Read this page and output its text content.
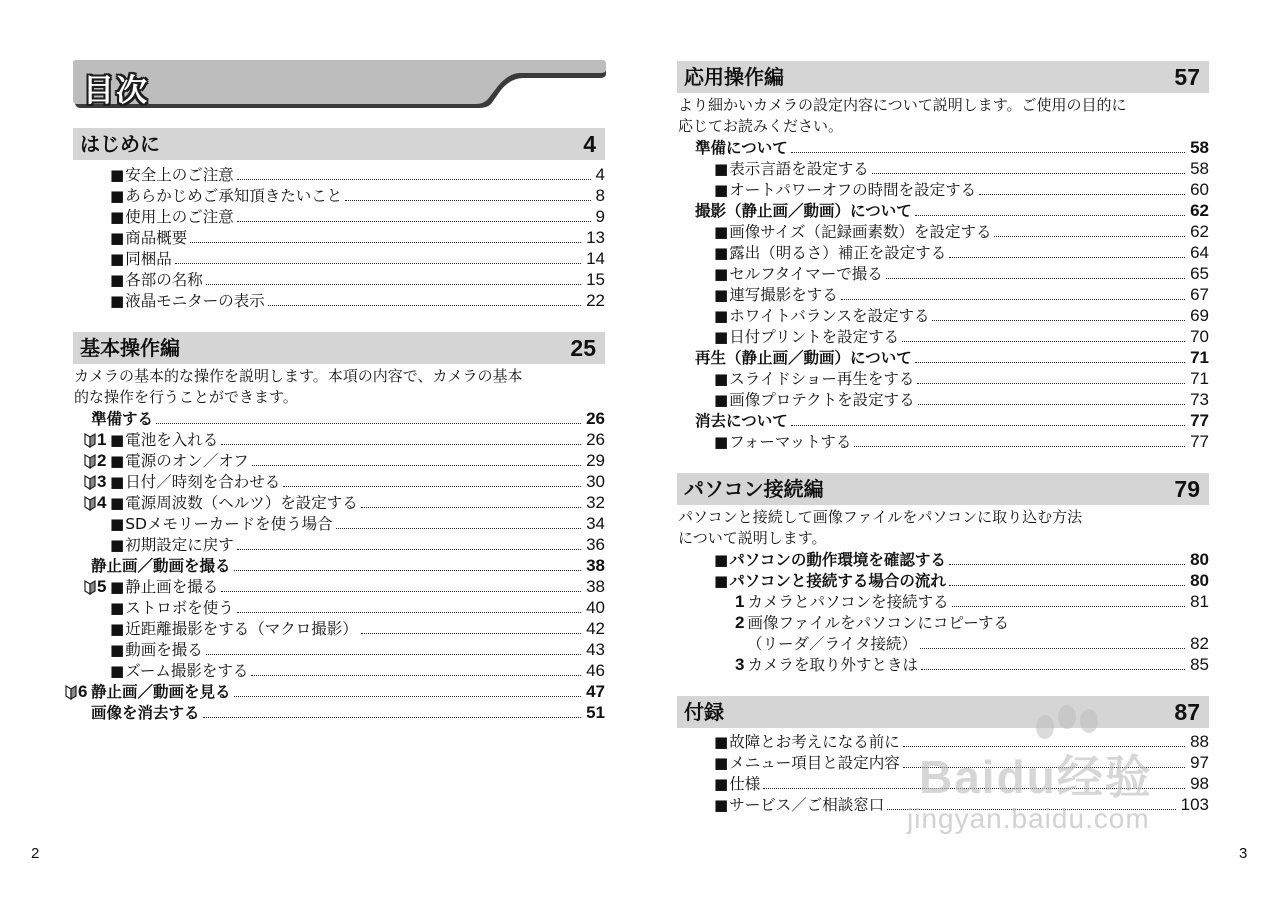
目次
はじめに	4
■ 安全上のご注意	4
■ あらかじめご承知頂きたいこと	8
■ 使用上のご注意	9
■ 商品概要	13
■ 同梱品	14
■ 各部の名称	15
■ 液晶モニターの表示	22
基本操作編	25
カメラの基本的な操作を説明します。本項の内容で、カメラの基本
的な操作を行うことができます。
準備する	26
1 ■ 電池を入れる	26
2 ■ 電源のオン／オフ	29
3 ■ 日付／時刻を合わせる	30
4 ■ 電源周波数（ヘルツ）を設定する	32
■ SDメモリーカードを使う場合	34
■ 初期設定に戻す	36
静止画／動画を撮る	38
5 ■ 静止画を撮る	38
■ ストロボを使う	40
■ 近距離撮影をする（マクロ撮影）	42
■ 動画を撮る	43
■ ズーム撮影をする	46
6 静止画／動画を見る	47
画像を消去する	51
2
応用操作編	57
より細かいカメラの設定内容について説明します。ご使用の目的に
応じてお読みください。
準備について	58
■ 表示言語を設定する	58
■ オートパワーオフの時間を設定する	60
撮影（静止画／動画）について	62
■ 画像サイズ（記録画素数）を設定する	62
■ 露出（明るさ）補正を設定する	64
■ セルフタイマーで撮る	65
■ 連写撮影をする	67
■ ホワイトバランスを設定する	69
■ 日付プリントを設定する	70
再生（静止画／動画）について	71
■ スライドショー再生をする	71
■ 画像プロテクトを設定する	73
消去について	77
■ フォーマットする	77
パソコン接続編	79
パソコンと接続して画像ファイルをパソコンに取り込む方法
について説明します。
■ パソコンの動作環境を確認する	80
■ パソコンと接続する場合の流れ	80
1 カメラとパソコンを接続する	81
2 画像ファイルをパソコンにコピーする
（リーダ／ライタ接続）	82
3 カメラを取り外すときは	85
付録	87
■ 故障とお考えになる前に	88
■ メニュー項目と設定内容	97
■ 仕様	98
■ サービス／ご相談窓口	103
3
Baidu经验
jingyan.baidu.com
